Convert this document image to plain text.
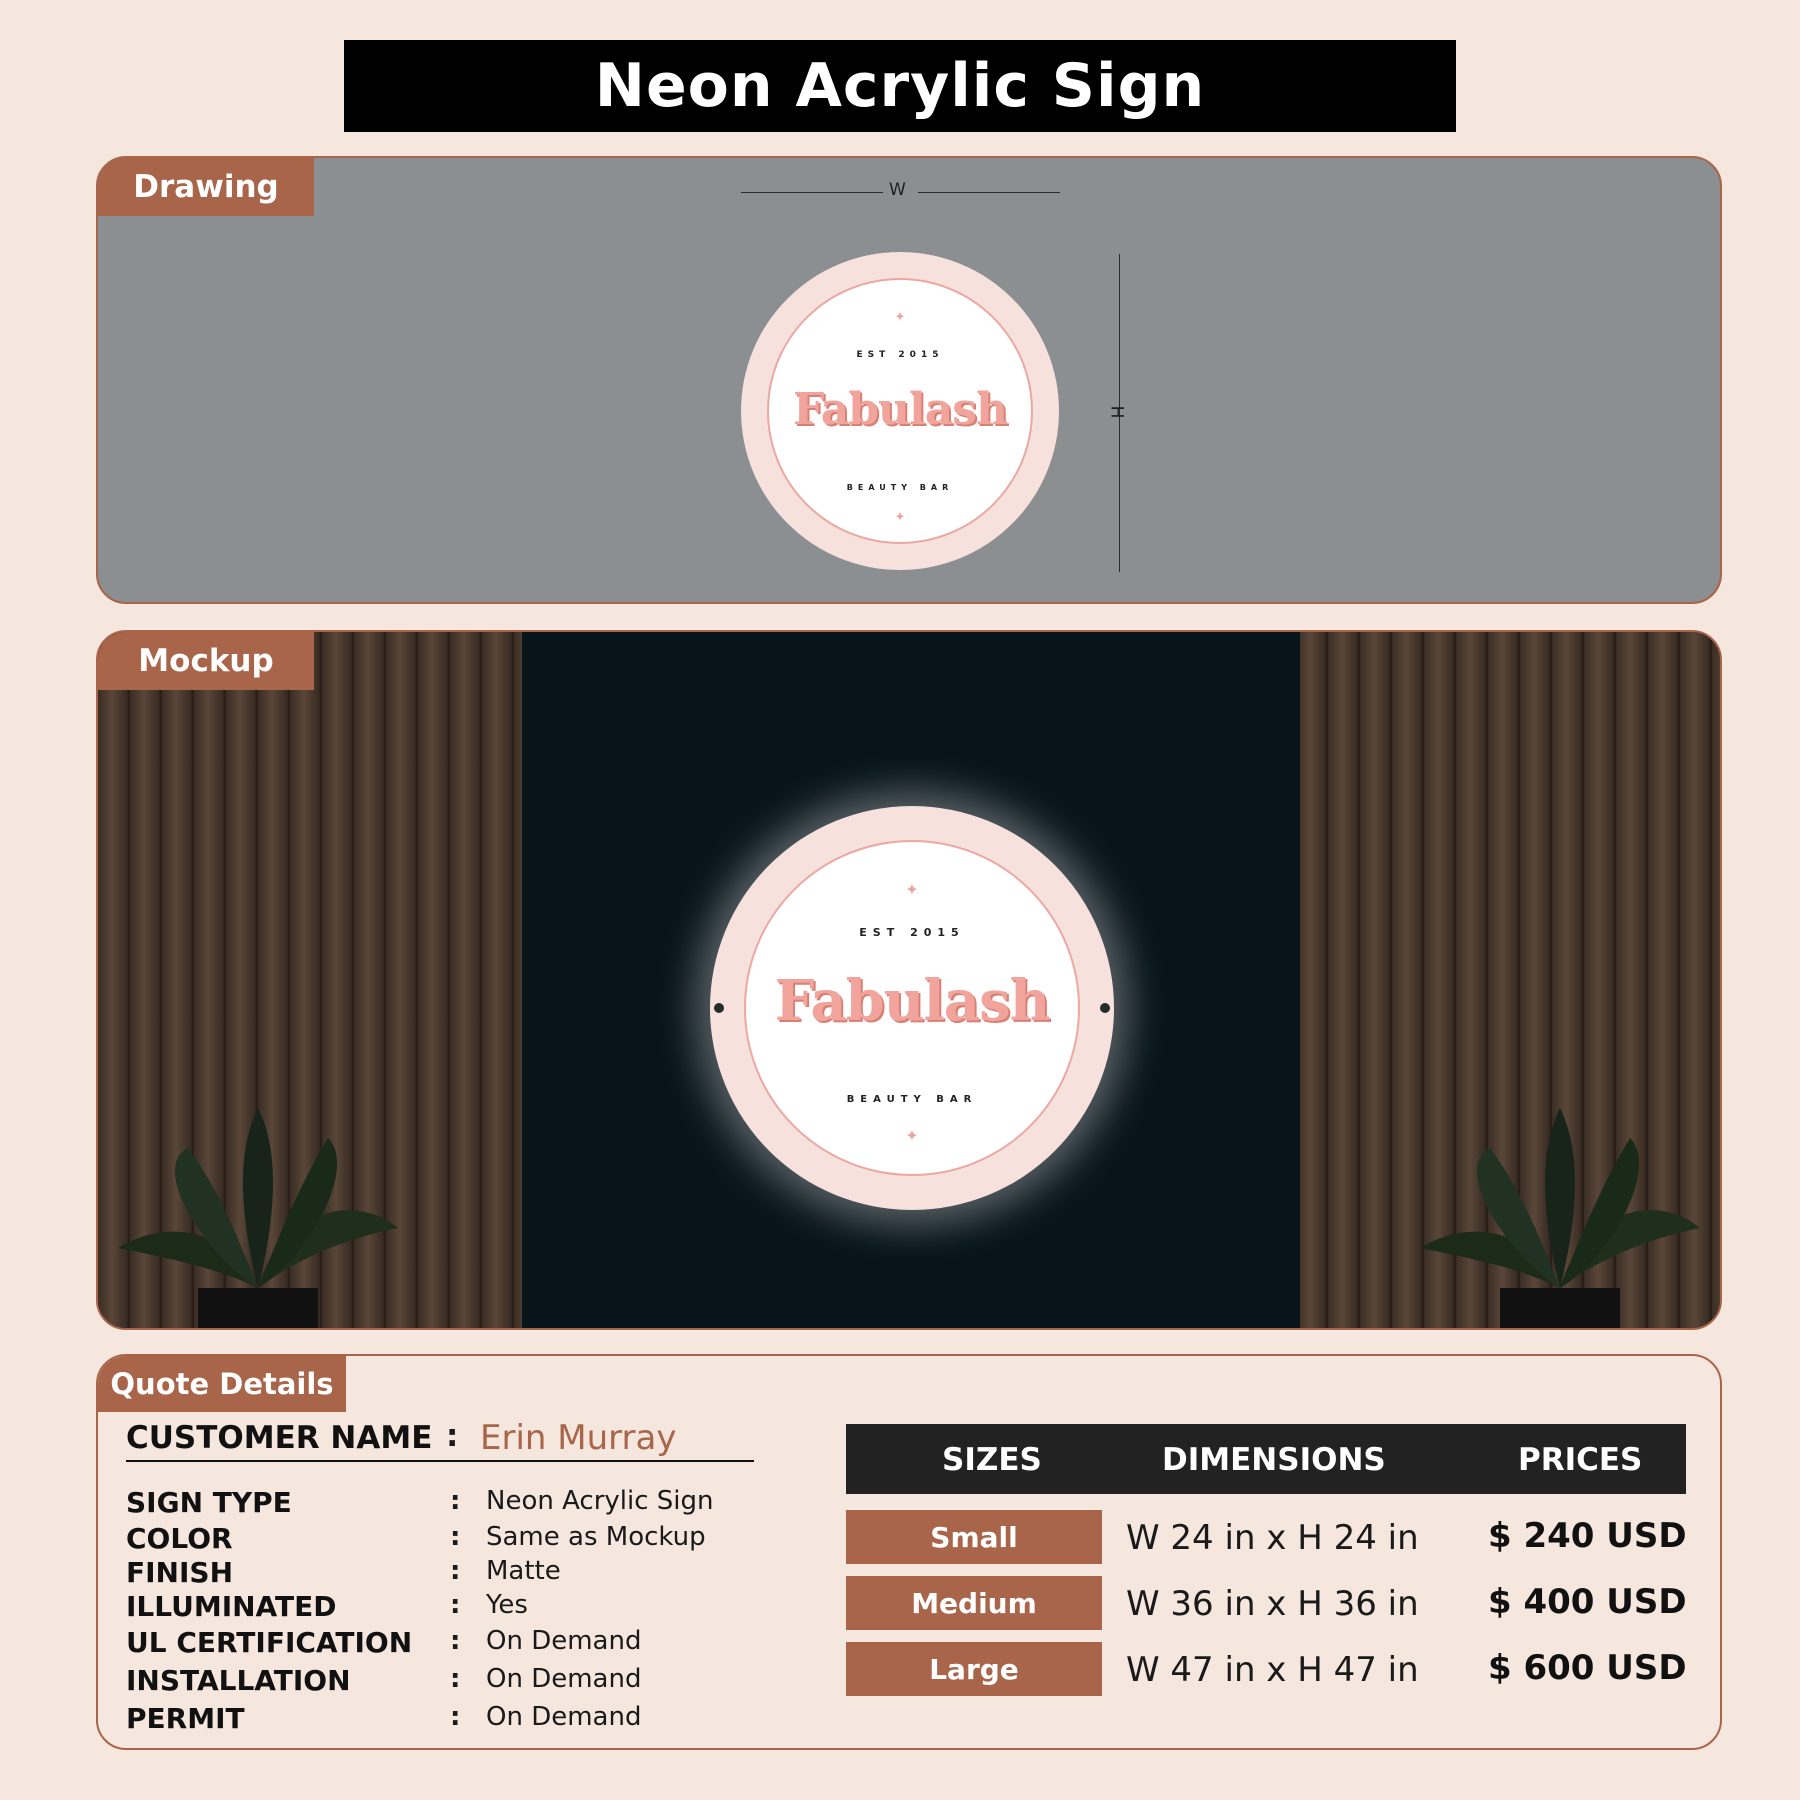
Neon Acrylic Sign
Drawing	W
H
✦
EST 2015
Fabulash
BEAUTY BAR
✦
Mockup
✦
EST 2015
Fabulash
BEAUTY BAR
✦
Quote Details
CUSTOMER NAME : Erin Murray
SIGN TYPE	: Neon Acrylic Sign
COLOR	: Same as Mockup
FINISH	: Matte
ILLUMINATED	: Yes
UL CERTIFICATION : On Demand
INSTALLATION	: On Demand
PERMIT	: On Demand
SIZES	DIMENSIONS	PRICES
Small	W 24 in x H 24 in $ 240 USD
Medium	W 36 in x H 36 in $ 400 USD
Large	W 47 in x H 47 in $ 600 USD
